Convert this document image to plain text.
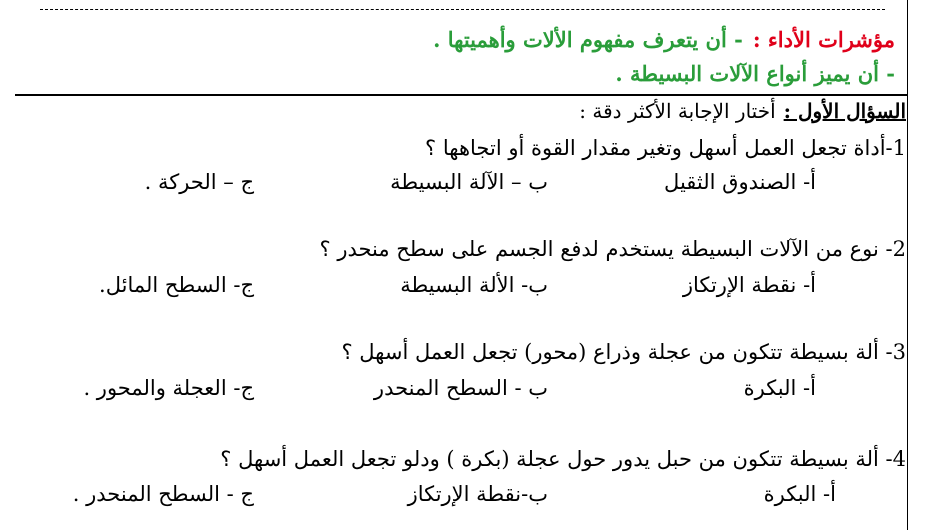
مؤشرات الأداء :- أن يتعرف مفهوم الألات وأهميتها .
- أن يميز أنواع الآلات البسيطة .
السؤال الأول :أختار الإجابة الأكثر دقة :
1-أداة تجعل العمل أسهل وتغير مقدار القوة أو اتجاهها ؟
أ- الصندوق الثقيل
ب – الآلة البسيطة
ج – الحركة .
2- نوع من الآلات البسيطة يستخدم لدفع الجسم على سطح منحدر ؟
أ- نقطة الإرتكاز
ب- الألة البسيطة
ج- السطح المائل.
3- ألة بسيطة تتكون من عجلة وذراع (محور) تجعل العمل أسهل ؟
أ- البكرة
ب - السطح المنحدر
ج- العجلة والمحور .
4- ألة بسيطة تتكون من حبل يدور حول عجلة (بكرة ) ودلو تجعل العمل أسهل ؟
أ- البكرة
ب-نقطة الإرتكاز
ج - السطح المنحدر .
